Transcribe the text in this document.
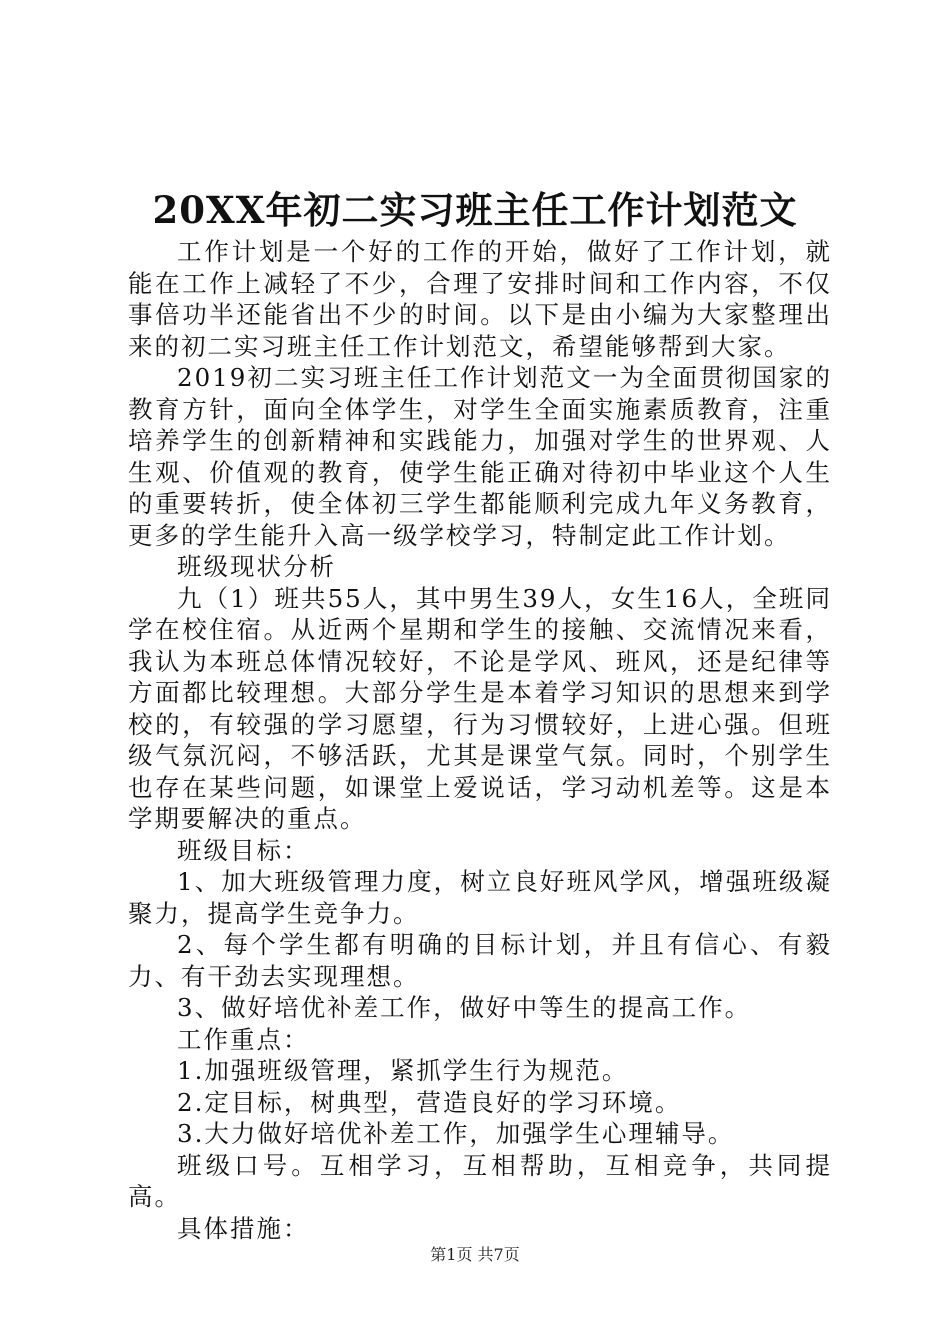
20XX年初二实习班主任工作计划范文

工作计划是一个好的工作的开始，做好了工作计划，就能在工作上减轻了不少，合理了安排时间和工作内容，不仅事倍功半还能省出不少的时间。以下是由小编为大家整理出来的初二实习班主任工作计划范文，希望能够帮到大家。

2019初二实习班主任工作计划范文一为全面贯彻国家的教育方针，面向全体学生，对学生全面实施素质教育，注重培养学生的创新精神和实践能力，加强对学生的世界观、人生观、价值观的教育，使学生能正确对待初中毕业这个人生的重要转折，使全体初三学生都能顺利完成九年义务教育，更多的学生能升入高一级学校学习，特制定此工作计划。

班级现状分析

九（1）班共55人，其中男生39人，女生16人，全班同学在校住宿。从近两个星期和学生的接触、交流情况来看，我认为本班总体情况较好，不论是学风、班风，还是纪律等方面都比较理想。大部分学生是本着学习知识的思想来到学校的，有较强的学习愿望，行为习惯较好，上进心强。但班级气氛沉闷，不够活跃，尤其是课堂气氛。同时，个别学生也存在某些问题，如课堂上爱说话，学习动机差等。这是本学期要解决的重点。

班级目标：

1、加大班级管理力度，树立良好班风学风，增强班级凝聚力，提高学生竞争力。

2、每个学生都有明确的目标计划，并且有信心、有毅力、有干劲去实现理想。

3、做好培优补差工作，做好中等生的提高工作。

工作重点：

1.加强班级管理，紧抓学生行为规范。

2.定目标，树典型，营造良好的学习环境。

3.大力做好培优补差工作，加强学生心理辅导。

班级口号。互相学习，互相帮助，互相竞争，共同提高。

具体措施：

第1页 共7页
